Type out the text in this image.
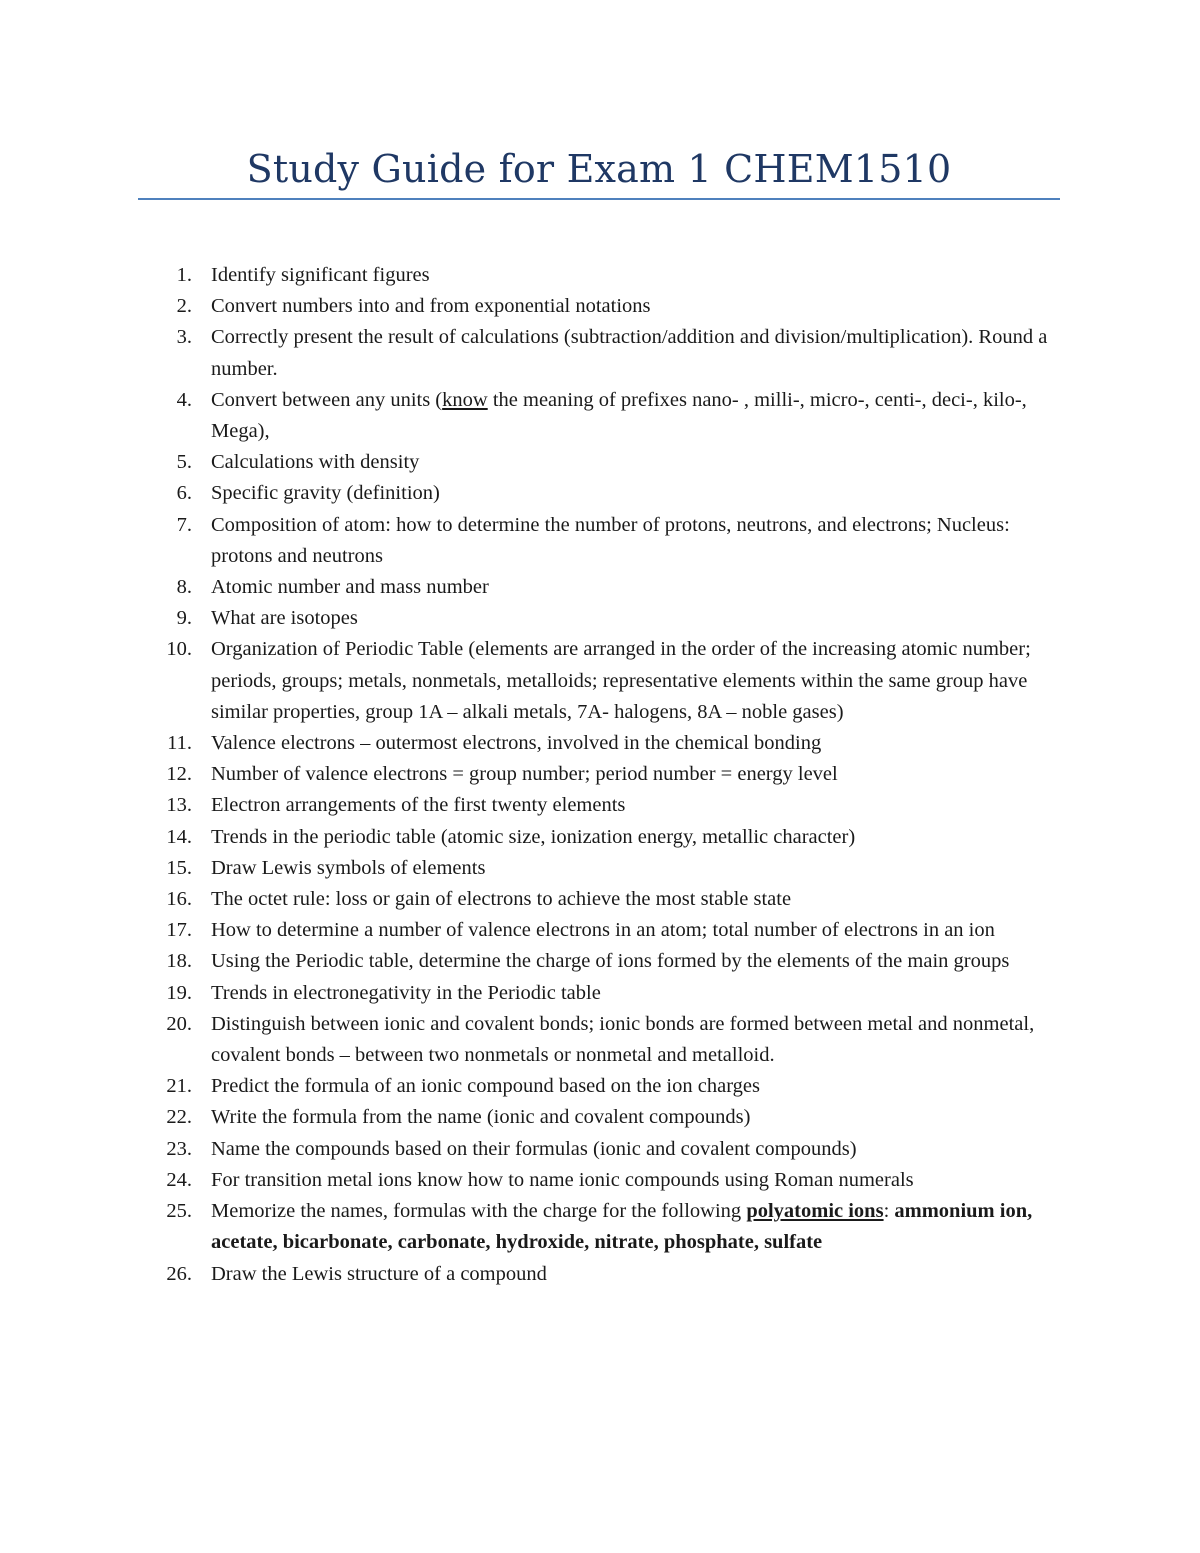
Study Guide for Exam 1 CHEM1510
1. Identify significant figures
2. Convert numbers into and from exponential notations
3. Correctly present the result of calculations (subtraction/addition and division/multiplication). Round a number.
4. Convert between any units (know the meaning of prefixes nano- , milli-, micro-, centi-, deci-, kilo-, Mega),
5. Calculations with density
6. Specific gravity (definition)
7. Composition of atom: how to determine the number of protons, neutrons, and electrons; Nucleus: protons and neutrons
8. Atomic number and mass number
9. What are isotopes
10. Organization of Periodic Table (elements are arranged in the order of the increasing atomic number; periods, groups; metals, nonmetals, metalloids; representative elements within the same group have similar properties, group 1A – alkali metals, 7A- halogens, 8A – noble gases)
11. Valence electrons – outermost electrons, involved in the chemical bonding
12. Number of valence electrons = group number; period number = energy level
13. Electron arrangements of the first twenty elements
14. Trends in the periodic table (atomic size, ionization energy, metallic character)
15. Draw Lewis symbols of elements
16. The octet rule: loss or gain of electrons to achieve the most stable state
17. How to determine a number of valence electrons in an atom; total number of electrons in an ion
18. Using the Periodic table, determine the charge of ions formed by the elements of the main groups
19. Trends in electronegativity in the Periodic table
20. Distinguish between ionic and covalent bonds; ionic bonds are formed between metal and nonmetal, covalent bonds – between two nonmetals or nonmetal and metalloid.
21. Predict the formula of an ionic compound based on the ion charges
22. Write the formula from the name (ionic and covalent compounds)
23. Name the compounds based on their formulas (ionic and covalent compounds)
24. For transition metal ions know how to name ionic compounds using Roman numerals
25. Memorize the names, formulas with the charge for the following polyatomic ions: ammonium ion, acetate, bicarbonate, carbonate, hydroxide, nitrate, phosphate, sulfate
26. Draw the Lewis structure of a compound
